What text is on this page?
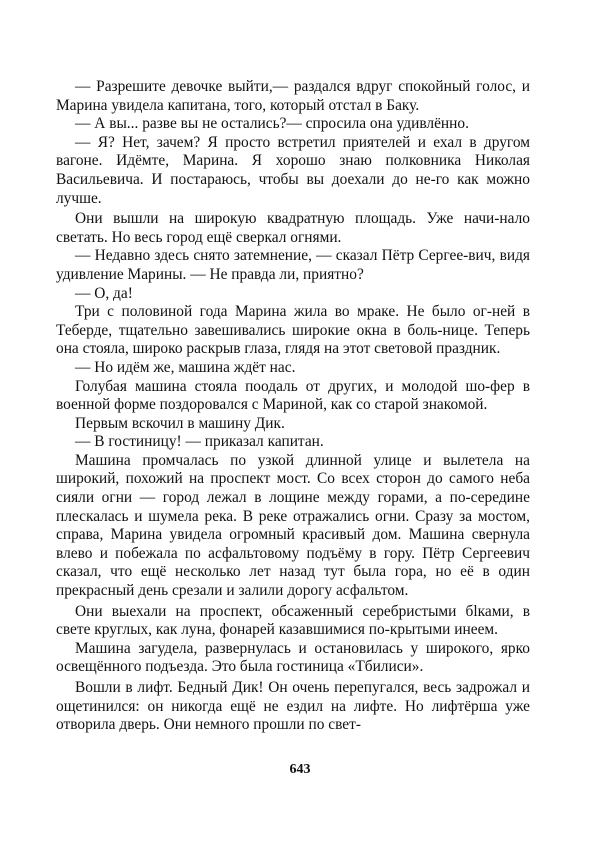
— Разрешите девочке выйти,— раздался вдруг спокойный голос, и Марина увидела капитана, того, который отстал в Баку.

— А вы... разве вы не остались?— спросила она удивлённо.

— Я? Нет, зачем? Я просто встретил приятелей и ехал в другом вагоне. Идёмте, Марина. Я хорошо знаю полковника Николая Васильевича. И постараюсь, чтобы вы доехали до не-го как можно лучше.

Они вышли на широкую квадратную площадь. Уже начи-нало светать. Но весь город ещё сверкал огнями.

— Недавно здесь снято затемнение, — сказал Пётр Сергее-вич, видя удивление Марины. — Не правда ли, приятно?

— О, да!

Три с половиной года Марина жила во мраке. Не было ог-ней в Теберде, тщательно завешивались широкие окна в боль-нице. Теперь она стояла, широко раскрыв глаза, глядя на этот световой праздник.

— Но идём же, машина ждёт нас.

Голубая машина стояла поодаль от других, и молодой шо-фер в военной форме поздоровался с Мариной, как со старой знакомой.

Первым вскочил в машину Дик.

— В гостиницу! — приказал капитан.

Машина промчалась по узкой длинной улице и вылетела на широкий, похожий на проспект мост. Со всех сторон до самого неба сияли огни — город лежал в лощине между горами, а по-середине плескалась и шумела река. В реке отражались огни. Сразу за мостом, справа, Марина увидела огромный красивый дом. Машина свернула влево и побежала по асфальтовому подъёму в гору. Пётр Сергеевич сказал, что ещё несколько лет назад тут была гора, но её в один прекрасный день срезали и залили дорогу асфальтом.

Они выехали на проспект, обсаженный серебристыми бlками, в свете круглых, как луна, фонарей казавшимися по-крытыми инеем.

Машина загудела, развернулась и остановилась у широкого, ярко освещённого подъезда. Это была гостиница «Тбилиси».

Вошли в лифт. Бедный Дик! Он очень перепугался, весь задрожал и ощетинился: он никогда ещё не ездил на лифте. Но лифтёрша уже отворила дверь. Они немного прошли по свет-

643
